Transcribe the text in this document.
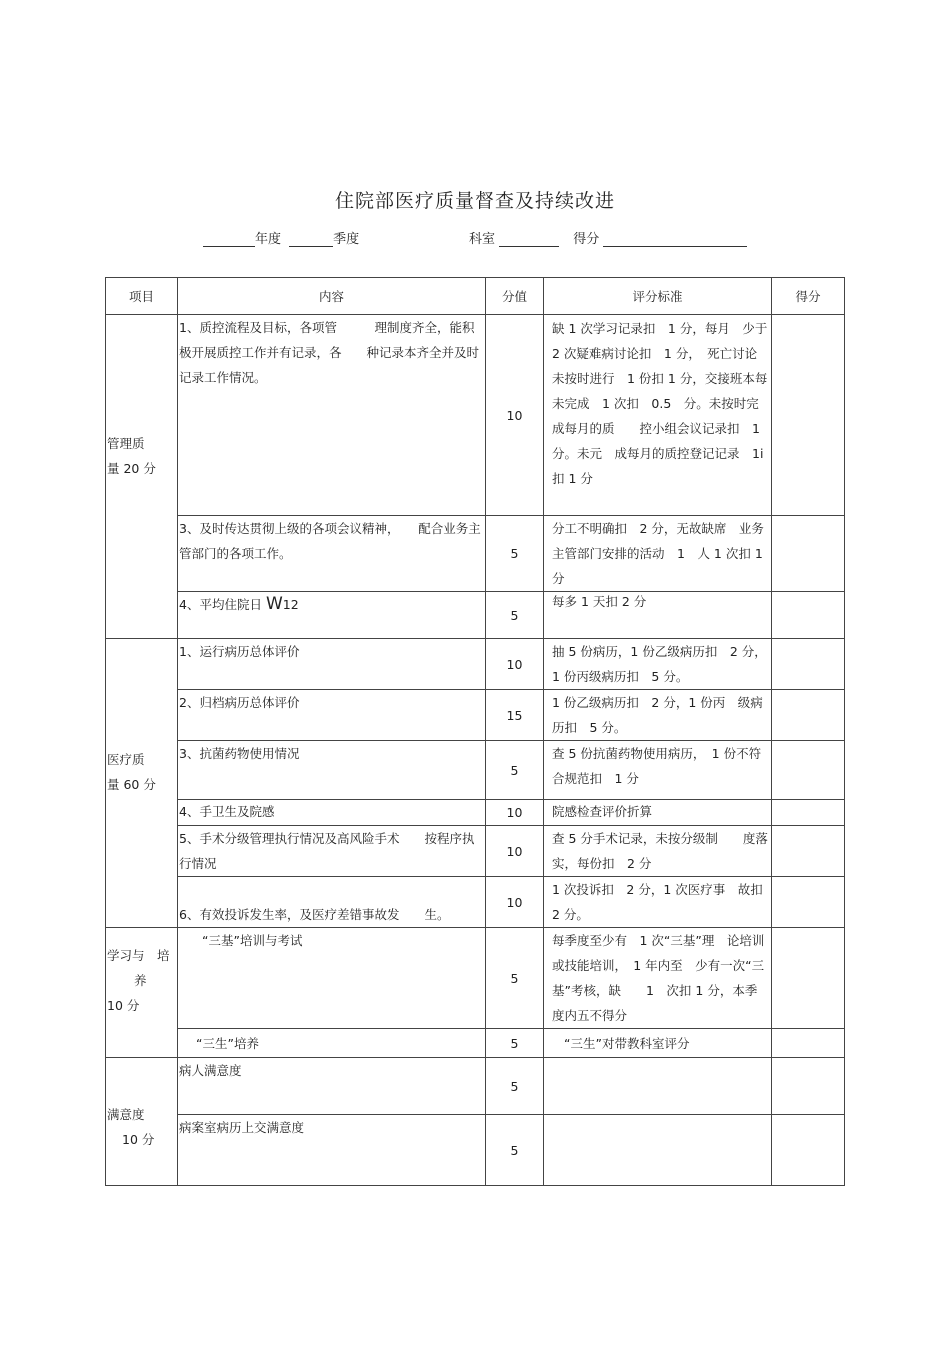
住院部医疗质量督查及持续改进
年度	季度	科室	得分
项目	内容	分值	评分标准	得分

管理质
量 20 分	1、质控流程及目标，各项管　　　理制度齐全，能积极开展质控工作并有记录，各　　种记录本齐全并及时记录工作情况。	10	缺 1 次学习记录扣　1 分，每月　少于 2 次疑难病讨论扣　1 分，　死亡讨论未按时进行　1 份扣 1 分，交接班本每未完成　1 次扣　0.5　分。未按时完成每月的质　　控小组会议记录扣　1 分。未元　成每月的质控登记记录　1i　扣 1 分	
	3、及时传达贯彻上级的各项会议精神，　　配合业务主管部门的各项工作。	5	分工不明确扣　2 分，无故缺席　业务主管部门安排的活动　1　人 1 次扣 1 分	
	4、平均住院日 W12	5	每多 1 天扣 2 分	

医疗质
量 60 分	1、运行病历总体评价	10	抽 5 份病历，1 份乙级病历扣　2 分，1 份丙级病历扣　5 分。	
	2、归档病历总体评价	15	1 份乙级病历扣　2 分，1 份丙　级病历扣　5 分。	
	3、抗菌药物使用情况	5	查 5 份抗菌药物使用病历，　1 份不符合规范扣　1 分	
	4、手卫生及院感	10	院感检查评价折算	
	5、手术分级管理执行情况及高风险手术　　按程序执行情况	10	查 5 分手术记录，未按分级制　　度落实，每份扣　2 分	
	6、有效投诉发生率，及医疗差错事故发　　生。	10	1 次投诉扣　2 分，1 次医疗事　故扣 2 分。	

学习与　培
养
10 分	“三基”培训与考试	5	每季度至少有　1 次“三基”理　论培训或技能培训，　1 年内至　少有一次“三基”考核，缺　　1　次扣 1 分，本季度内五不得分	
	“三生”培养	5	“三生”对带教科室评分	

满意度
10 分	病人满意度	5		
	病案室病历上交满意度	5		
